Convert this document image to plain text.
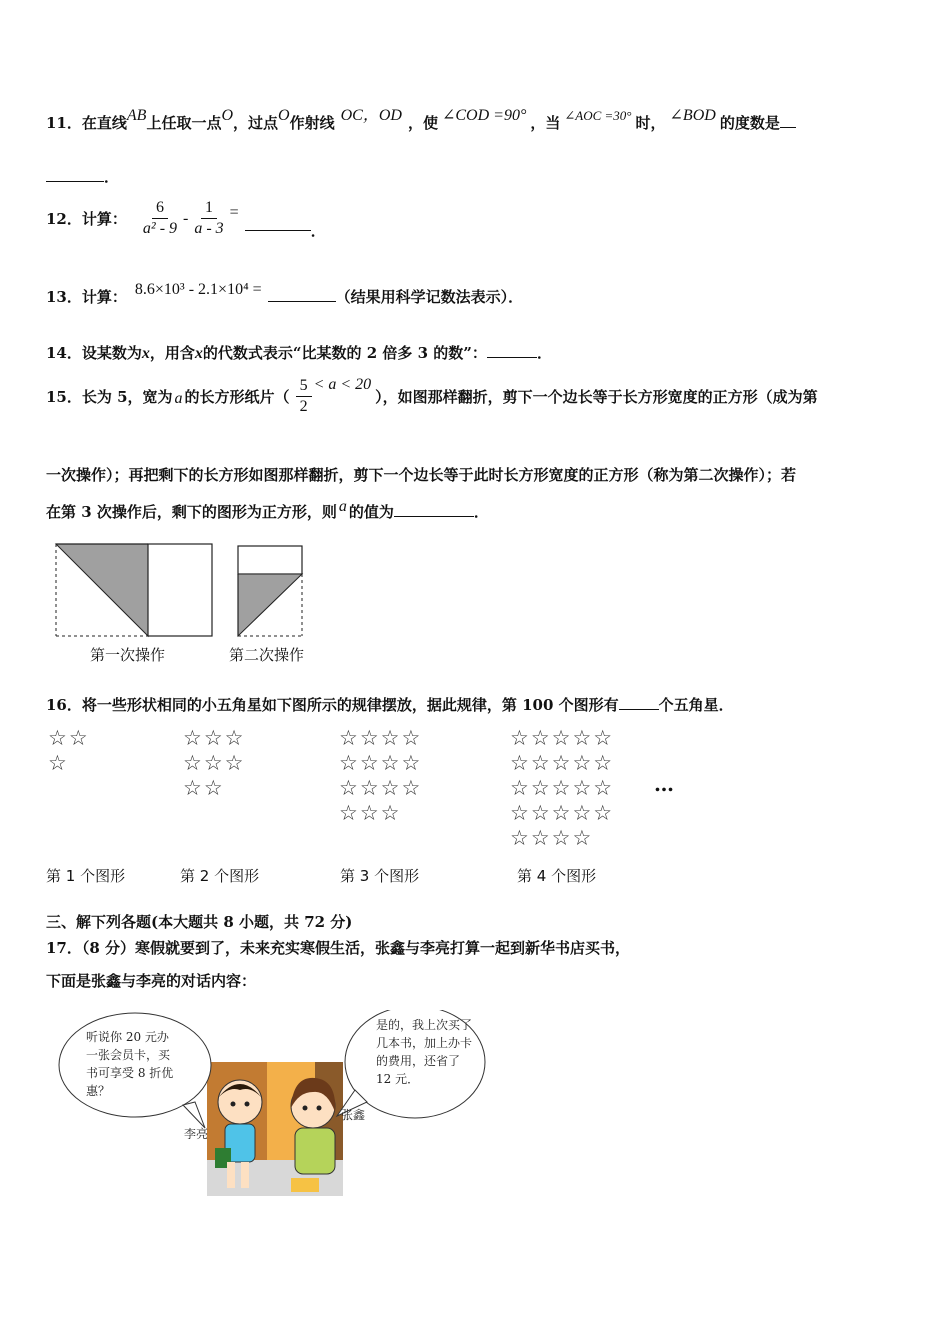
11．在直线AB上任取一点O，过点O作射线 OC，OD ，使 ∠COD =90° ，当 ∠AOC =30° 时， ∠BOD 的度数是
．
12． 计算： $\frac{6}{\text{a² - 9}} - \frac{1}{a - 3}$ =
．
13．计算： 8.6×10³ - 2.1×10⁴ =	（结果用科学记数法表示）．
14．设某数为x，用含x的代数式表示“比某数的 2 倍多 3 的数”：	．
15． 长为 5，宽为 a 的长方形纸片（ $\frac{5}{2} < a < 20$
），如图那样翻折，剪下一个边长等于长方形宽度的正方形（成为第
一次操作）；再把剩下的长方形如图那样翻折，剪下一个边长等于此时长方形宽度的正方形（称为第二次操作）；若
在第 3 次操作后，剩下的图形为正方形，则 a 的值为	．
第一次操作	第二次操作
16．将一些形状相同的小五角星如下图所示的规律摆放，据此规律，第 100 个图形有	个五角星．
☆☆
☆
☆☆☆
☆☆☆
☆☆
☆☆☆☆
☆☆☆☆
☆☆☆☆
☆☆☆
☆☆☆☆☆
☆☆☆☆☆
☆☆☆☆☆
☆☆☆☆☆
☆☆☆☆
…
第 1 个图形	第 2 个图形	第 3 个图形	第 4 个图形
三、解下列各题(本大题共 8 小题，共 72 分)
17．（8 分）寒假就要到了，未来充实寒假生活，张鑫与李亮打算一起到新华书店买书，
下面是张鑫与李亮的对话内容：
听说你 20 元办一张会员卡，买书可享受 8 折优惠？
是的，我上次买了几本书，加上办卡的费用，还省了 12 元．
李亮
张鑫
